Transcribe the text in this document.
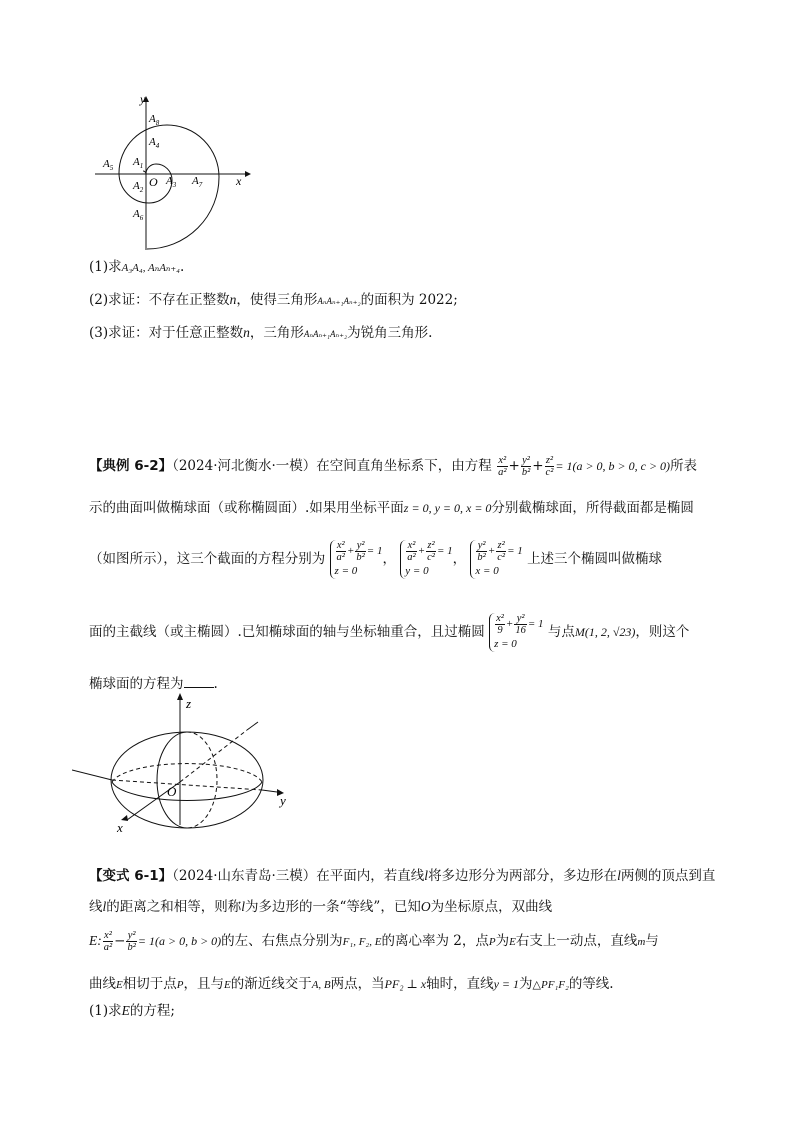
y
x
O
$A_8$
$A_4$
$A_1$
$A_5$
$A_2$
$A_3$ $A_7$
$A_6$
(1)求A₃A₄, AₙAₙ₊₄.
(2)求证：不存在正整数n，使得三角形AₙAₙ₊₁Aₙ₊₂的面积为 2022;
(3)求证：对于任意正整数n，三角形AₙAₙ₊₁Aₙ₊₂为锐角三角形.
【典例 6-2】（2024·河北衡水·一模）在空间直角坐标系下，由方程 $\frac{\text{x²}}{\text{a²}} + \frac{\text{y²}}{\text{b²}} + \frac{\text{z²}}{\text{c²}} = 1(a > 0$, b > 0, c > 0)所表
示的曲面叫做椭球面（或称椭圆面）.如果用坐标平面z = 0, y = 0, x = 0分别截椭球面，所得截面都是椭圆
（如图所示），这三个截面的方程分别为 $\frac{\text{x²}}{\text{a²}} + \frac{\text{y²}}{\text{b²}} = 1$
z = 0， $\frac{\text{x²}}{\text{a²}} + \frac{\text{z²}}{\text{c²}} = 1$
y = 0， $\frac{\text{y²}}{\text{b²}} + \frac{\text{z²}}{\text{c²}} = 1$
x = 0 上述三个椭圆叫做椭球
面的主截线（或主椭圆）.已知椭球面的轴与坐标轴重合，且过椭圆 $\frac{\text{x²}}{9} + \frac{\text{y²}}{16} = 1$
z = 0 与点M(1, 2, √23)，则这个
椭球面的方程为 .
z
y
x
O
【变式 6-1】（2024·山东青岛·三模）在平面内，若直线l将多边形分为两部分，多边形在l两侧的顶点到直
线l的距离之和相等，则称l为多边形的一条“等线”，已知O为坐标原点，双曲线
E: $\frac{\text{x²}}{\text{a²}} - \frac{\text{y²}}{\text{b²}} = 1(a > 0$, b > 0)的左、右焦点分别为F₁, F₂, E的离心率为 2，点P为E右支上一动点，直线m与
曲线E相切于点P，且与E的渐近线交于A, B两点，当PF₂ ⊥ x轴时，直线y = 1为△PF₁F₂的等线.
(1)求E的方程;
